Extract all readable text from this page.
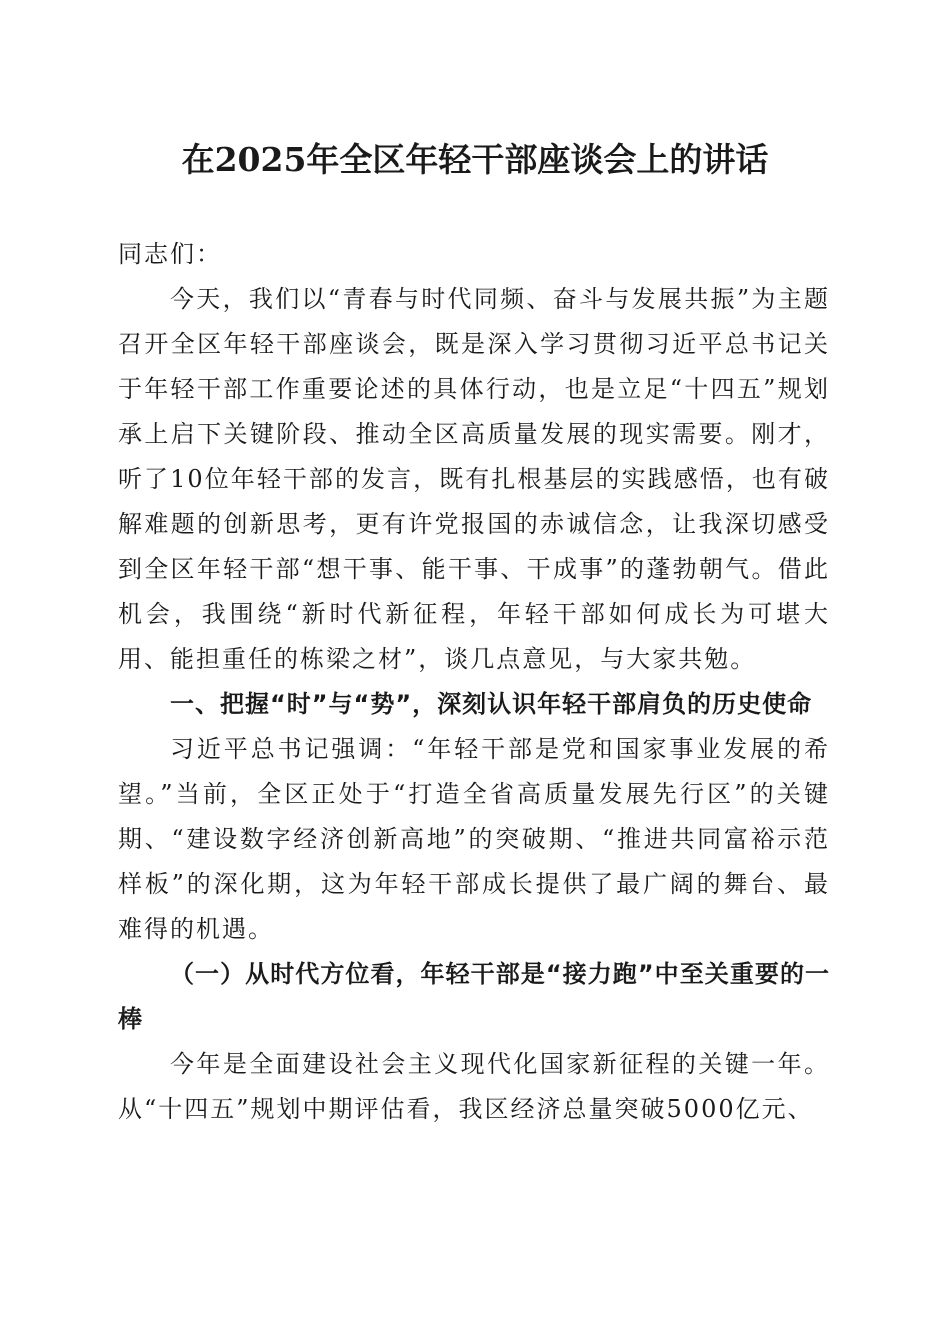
在2025年全区年轻干部座谈会上的讲话

同志们：

今天，我们以“青春与时代同频、奋斗与发展共振”为主题召开全区年轻干部座谈会，既是深入学习贯彻习近平总书记关于年轻干部工作重要论述的具体行动，也是立足“十四五”规划承上启下关键阶段、推动全区高质量发展的现实需要。刚才，听了10位年轻干部的发言，既有扎根基层的实践感悟，也有破解难题的创新思考，更有许党报国的赤诚信念，让我深切感受到全区年轻干部“想干事、能干事、干成事”的蓬勃朝气。借此机会，我围绕“新时代新征程，年轻干部如何成长为可堪大用、能担重任的栋梁之材”，谈几点意见，与大家共勉。

一、把握“时”与“势”，深刻认识年轻干部肩负的历史使命

习近平总书记强调：“年轻干部是党和国家事业发展的希望。”当前，全区正处于“打造全省高质量发展先行区”的关键期、“建设数字经济创新高地”的突破期、“推进共同富裕示范样板”的深化期，这为年轻干部成长提供了最广阔的舞台、最难得的机遇。

（一）从时代方位看，年轻干部是“接力跑”中至关重要的一棒

今年是全面建设社会主义现代化国家新征程的关键一年。从“十四五”规划中期评估看，我区经济总量突破5000亿元、
